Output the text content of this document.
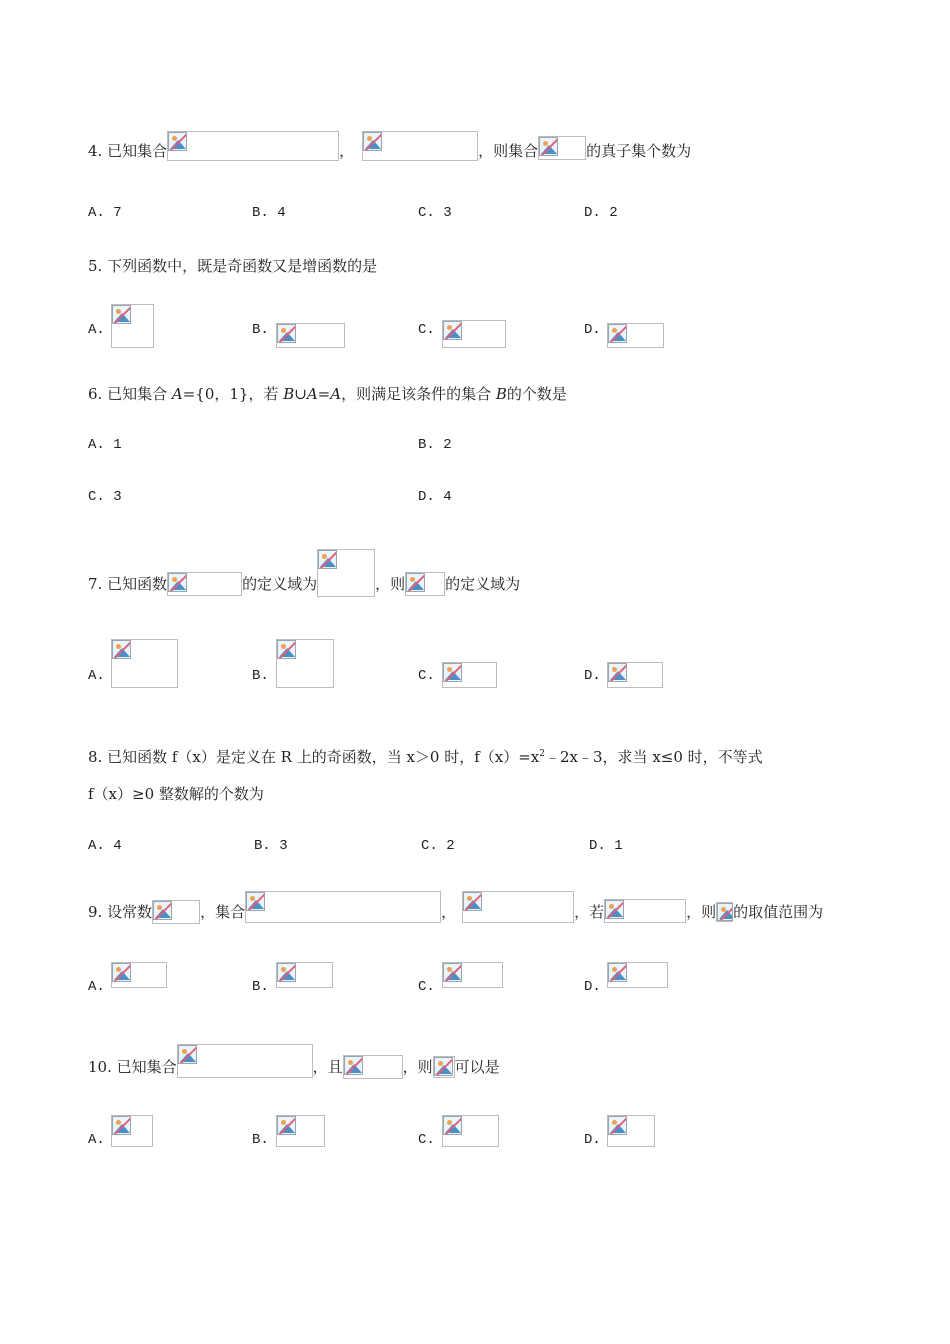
4. 已知集合	，	，则集合	的真子集个数为
A. 7	B. 4	C. 3	D. 2
5. 下列函数中，既是奇函数又是增函数的是
A.	B.	C.	D.
6. 已知集合 A={0，1}，若 B∪A=A，则满足该条件的集合 B的个数是
A. 1	B. 2
C. 3	D. 4
7. 已知函数	的定义域为	，则	的定义域为
A.	B.	C.	D.
8. 已知函数 f（x）是定义在 R 上的奇函数，当 x＞0 时，$f(x)=x^2﹣2x﹣3$，求当 x≤0 时，不等式
f（x）≥0 整数解的个数为
A. 4	B. 3	C. 2	D. 1
9. 设常数	，集合	，	，若	，则 的取值范围为
A.	B.	C.	D.
10. 已知集合	，且	，则 可以是
A.	B.	C.	D.
